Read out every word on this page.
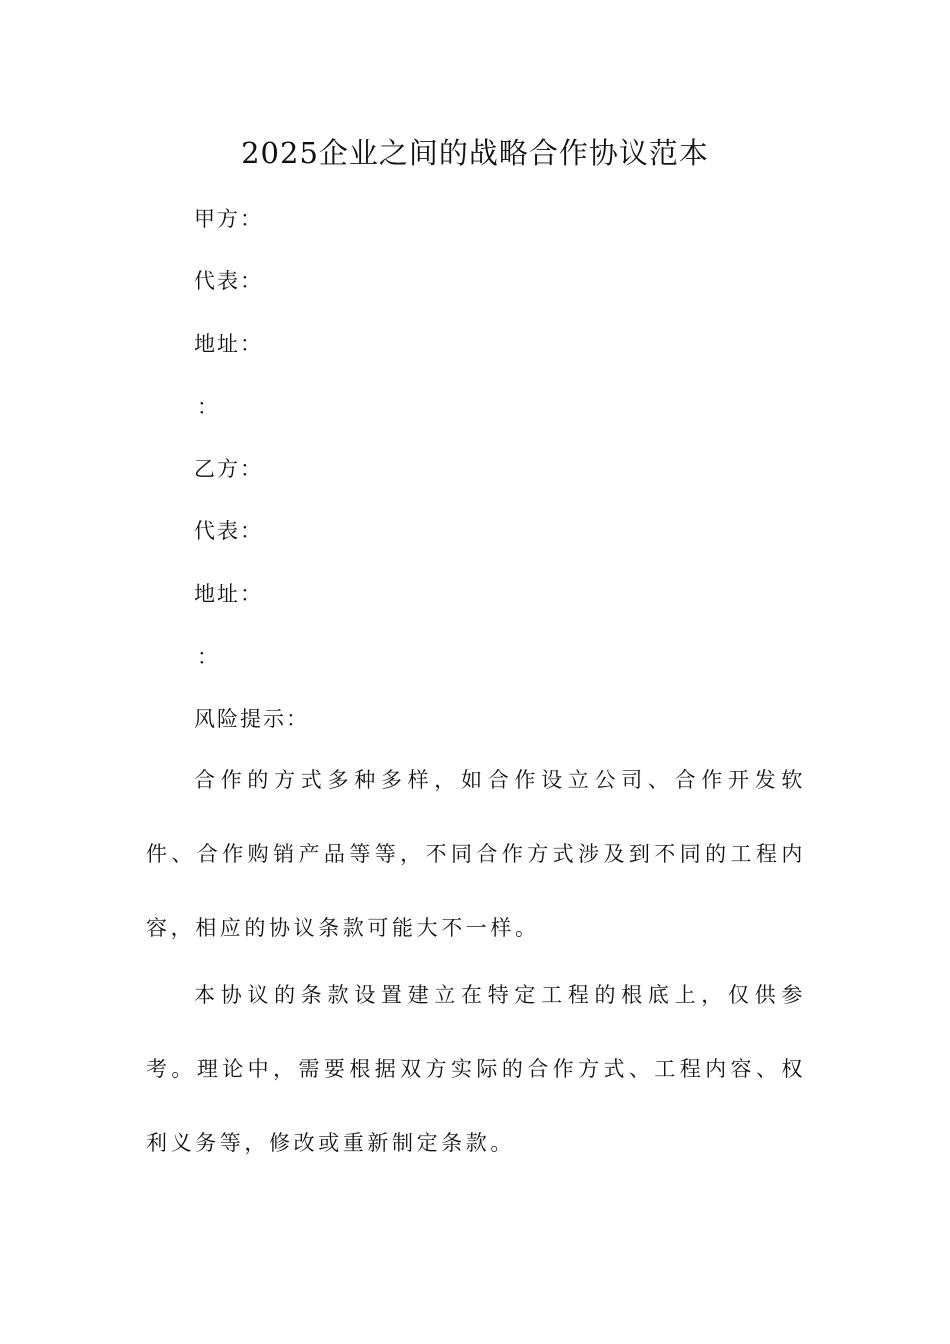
2025企业之间的战略合作协议范本

甲方：

代表：

地址：

：

乙方：

代表：

地址：

：

风险提示：

合作的方式多种多样，如合作设立公司、合作开发软件、合作购销产品等等，不同合作方式涉及到不同的工程内容，相应的协议条款可能大不一样。

本协议的条款设置建立在特定工程的根底上，仅供参考。理论中，需要根据双方实际的合作方式、工程内容、权利义务等，修改或重新制定条款。
